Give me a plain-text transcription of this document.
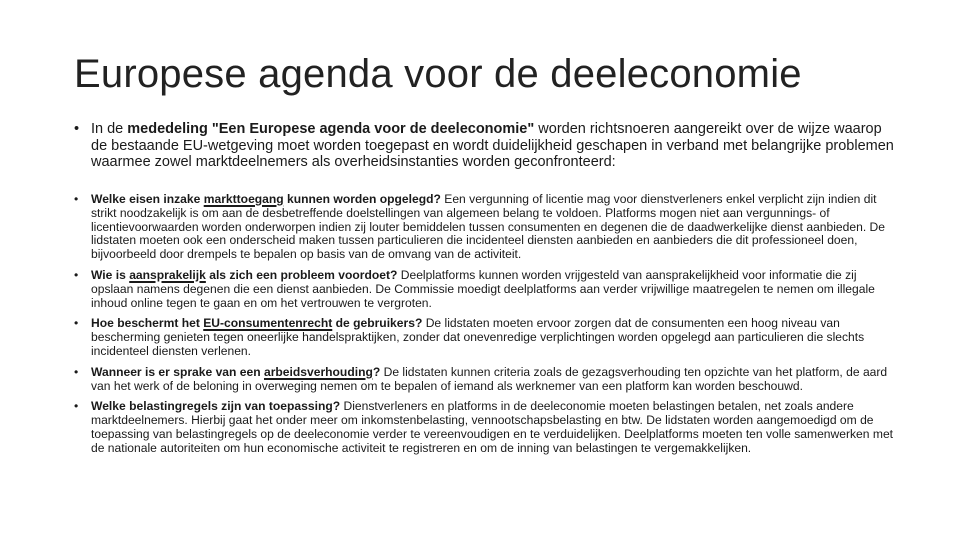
Europese agenda voor de deeleconomie
• In de mededeling "Een Europese agenda voor de deeleconomie" worden richtsnoeren aangereikt over de wijze waarop de bestaande EU-wetgeving moet worden toegepast en wordt duidelijkheid geschapen in verband met belangrijke problemen waarmee zowel marktdeelnemers als overheidsinstanties worden geconfronteerd:
• Welke eisen inzake markttoegang kunnen worden opgelegd? Een vergunning of licentie mag voor dienstverleners enkel verplicht zijn indien dit strikt noodzakelijk is om aan de desbetreffende doelstellingen van algemeen belang te voldoen. Platforms mogen niet aan vergunnings- of licentievoorwaarden worden onderworpen indien zij louter bemiddelen tussen consumenten en degenen die de daadwerkelijke dienst aanbieden. De lidstaten moeten ook een onderscheid maken tussen particulieren die incidenteel diensten aanbieden en aanbieders die dit professioneel doen, bijvoorbeeld door drempels te bepalen op basis van de omvang van de activiteit.
• Wie is aansprakelijk als zich een probleem voordoet? Deelplatforms kunnen worden vrijgesteld van aansprakelijkheid voor informatie die zij opslaan namens degenen die een dienst aanbieden. De Commissie moedigt deelplatforms aan verder vrijwillige maatregelen te nemen om illegale inhoud online tegen te gaan en om het vertrouwen te vergroten.
• Hoe beschermt het EU-consumentenrecht de gebruikers? De lidstaten moeten ervoor zorgen dat de consumenten een hoog niveau van bescherming genieten tegen oneerlijke handelspraktijken, zonder dat onevenredige verplichtingen worden opgelegd aan particulieren die slechts incidenteel diensten verlenen.
• Wanneer is er sprake van een arbeidsverhouding? De lidstaten kunnen criteria zoals de gezagsverhouding ten opzichte van het platform, de aard van het werk of de beloning in overweging nemen om te bepalen of iemand als werknemer van een platform kan worden beschouwd.
• Welke belastingregels zijn van toepassing? Dienstverleners en platforms in de deeleconomie moeten belastingen betalen, net zoals andere marktdeelnemers. Hierbij gaat het onder meer om inkomstenbelasting, vennootschapsbelasting en btw. De lidstaten worden aangemoedigd om de toepassing van belastingregels op de deeleconomie verder te vereenvoudigen en te verduidelijken. Deelplatforms moeten ten volle samenwerken met de nationale autoriteiten om hun economische activiteit te registreren en om de inning van belastingen te vergemakkelijken.
